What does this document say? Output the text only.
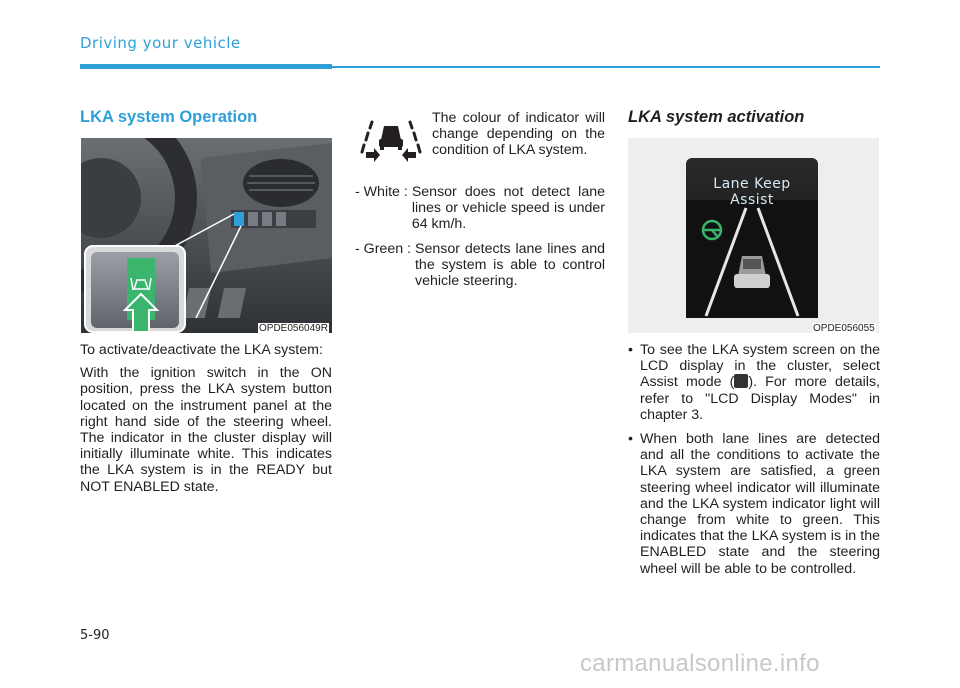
Driving your vehicle
LKA system Operation
OPDE056049R

To activate/deactivate the LKA system:

With the ignition switch in the ON position, press the LKA system button located on the instrument panel at the right hand side of the steering wheel. The indicator in the cluster display will initially illuminate white. This indicates the LKA system is in the READY but NOT ENABLED state.

The colour of indicator will change depending on the condition of LKA system.
- White : Sensor does not detect lane lines or vehicle speed is under 64 km/h.
- Green : Sensor detects lane lines and the system is able to control vehicle steering.
LKA system activation
Lane Keep Assist
OPDE056055
• To see the LKA system screen on the LCD display in the cluster, select Assist mode ( ). For more details, refer to "LCD Display Modes" in chapter 3.
• When both lane lines are detected and all the conditions to activate the LKA system are satisfied, a green steering wheel indicator will illuminate and the LKA system indicator light will change from white to green. This indicates that the LKA system is in the ENABLED state and the steering wheel will be able to be controlled.
5-90
carmanualsonline.info
